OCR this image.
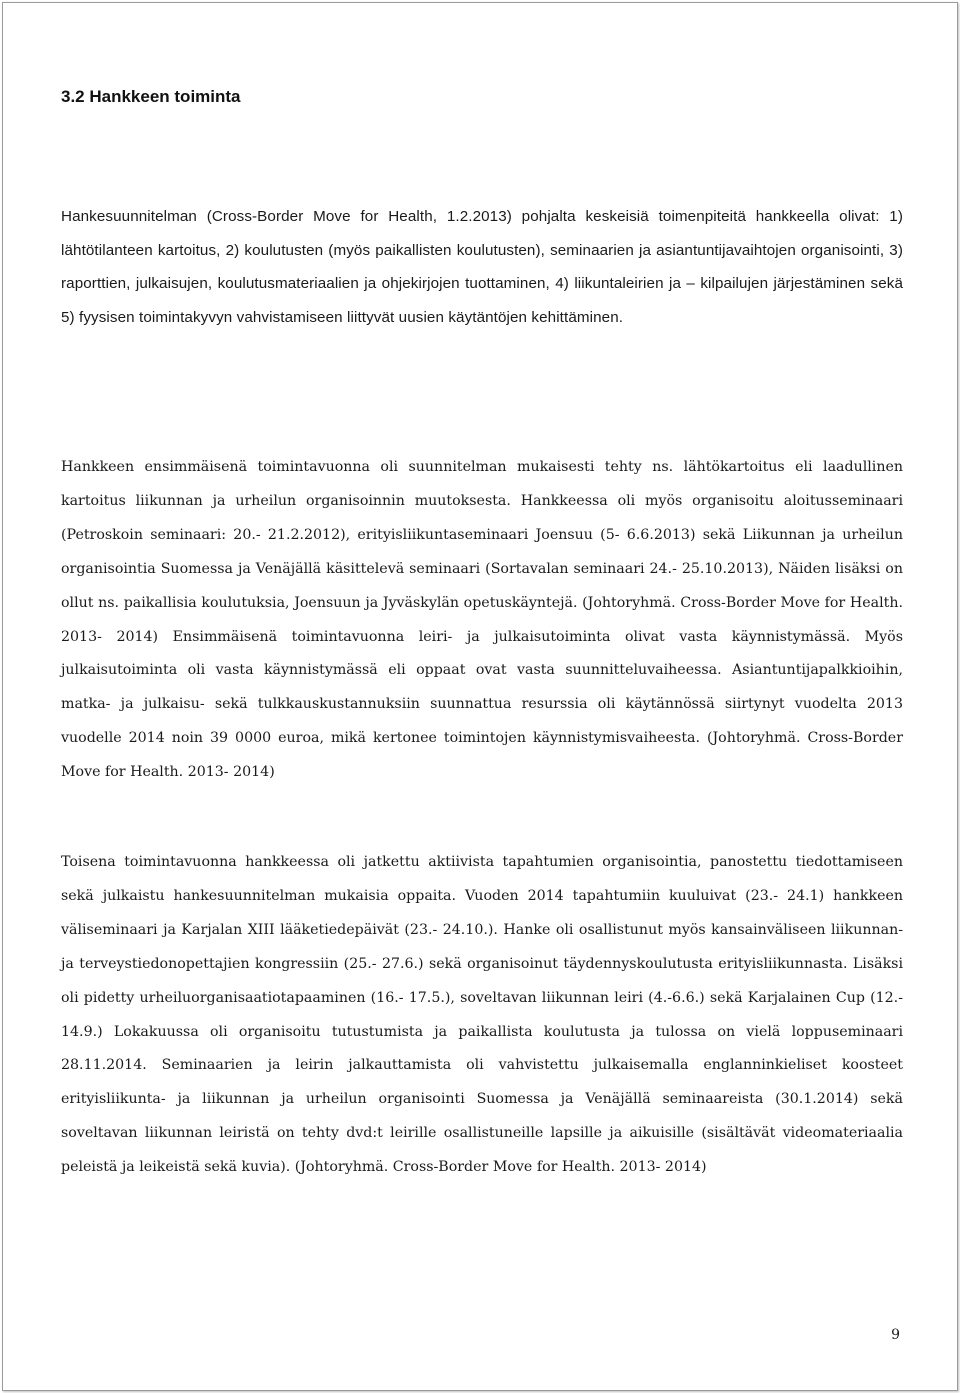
3.2 Hankkeen toiminta

Hankesuunnitelman (Cross-Border Move for Health, 1.2.2013) pohjalta keskeisiä toimenpiteitä hankkeella olivat: 1) lähtötilanteen kartoitus, 2) koulutusten (myös paikallisten koulutusten), seminaarien ja asiantuntijavaihtojen organisointi, 3) raporttien, julkaisujen, koulutusmateriaalien ja ohjekirjojen tuottaminen, 4) liikuntaleirien ja – kilpailujen järjestäminen sekä 5) fyysisen toimintakyvyn vahvistamiseen liittyvät uusien käytäntöjen kehittäminen.

Hankkeen ensimmäisenä toimintavuonna oli suunnitelman mukaisesti tehty ns. lähtökartoitus eli laadullinen kartoitus liikunnan ja urheilun organisoinnin muutoksesta. Hankkeessa oli myös organisoitu aloitusseminaari (Petroskoin seminaari: 20.- 21.2.2012), erityisliikuntaseminaari Joensuu (5- 6.6.2013) sekä Liikunnan ja urheilun organisointia Suomessa ja Venäjällä käsittelevä seminaari (Sortavalan seminaari 24.- 25.10.2013), Näiden lisäksi on ollut ns. paikallisia koulutuksia, Joensuun ja Jyväskylän opetuskäyntejä. (Johtoryhmä. Cross-Border Move for Health. 2013- 2014) Ensimmäisenä toimintavuonna leiri- ja julkaisutoiminta olivat vasta käynnistymässä. Myös julkaisutoiminta oli vasta käynnistymässä eli oppaat ovat vasta suunnitteluvaiheessa. Asiantuntijapalkkioihin, matka- ja julkaisu- sekä tulkkauskustannuksiin suunnattua resurssia oli käytännössä siirtynyt vuodelta 2013 vuodelle 2014 noin 39 0000 euroa, mikä kertonee toimintojen käynnistymisvaiheesta. (Johtoryhmä. Cross-Border Move for Health. 2013- 2014)

Toisena toimintavuonna hankkeessa oli jatkettu aktiivista tapahtumien organisointia, panostettu tiedottamiseen sekä julkaistu hankesuunnitelman mukaisia oppaita. Vuoden 2014 tapahtumiin kuuluivat (23.- 24.1) hankkeen väliseminaari ja Karjalan XIII lääketiedepäivät (23.- 24.10.). Hanke oli osallistunut myös kansainväliseen liikunnan- ja terveystiedonopettajien kongressiin (25.- 27.6.) sekä organisoinut täydennyskoulutusta erityisliikunnasta. Lisäksi oli pidetty urheiluorganisaatiotapaaminen (16.- 17.5.), soveltavan liikunnan leiri (4.-6.6.) sekä Karjalainen Cup (12.- 14.9.) Lokakuussa oli organisoitu tutustumista ja paikallista koulutusta ja tulossa on vielä loppuseminaari 28.11.2014. Seminaarien ja leirin jalkauttamista oli vahvistettu julkaisemalla englanninkieliset koosteet erityisliikunta- ja liikunnan ja urheilun organisointi Suomessa ja Venäjällä seminaareista (30.1.2014) sekä soveltavan liikunnan leiristä on tehty dvd:t leirille osallistuneille lapsille ja aikuisille (sisältävät videomateriaalia peleistä ja leikeistä sekä kuvia). (Johtoryhmä. Cross-Border Move for Health. 2013- 2014)

9
